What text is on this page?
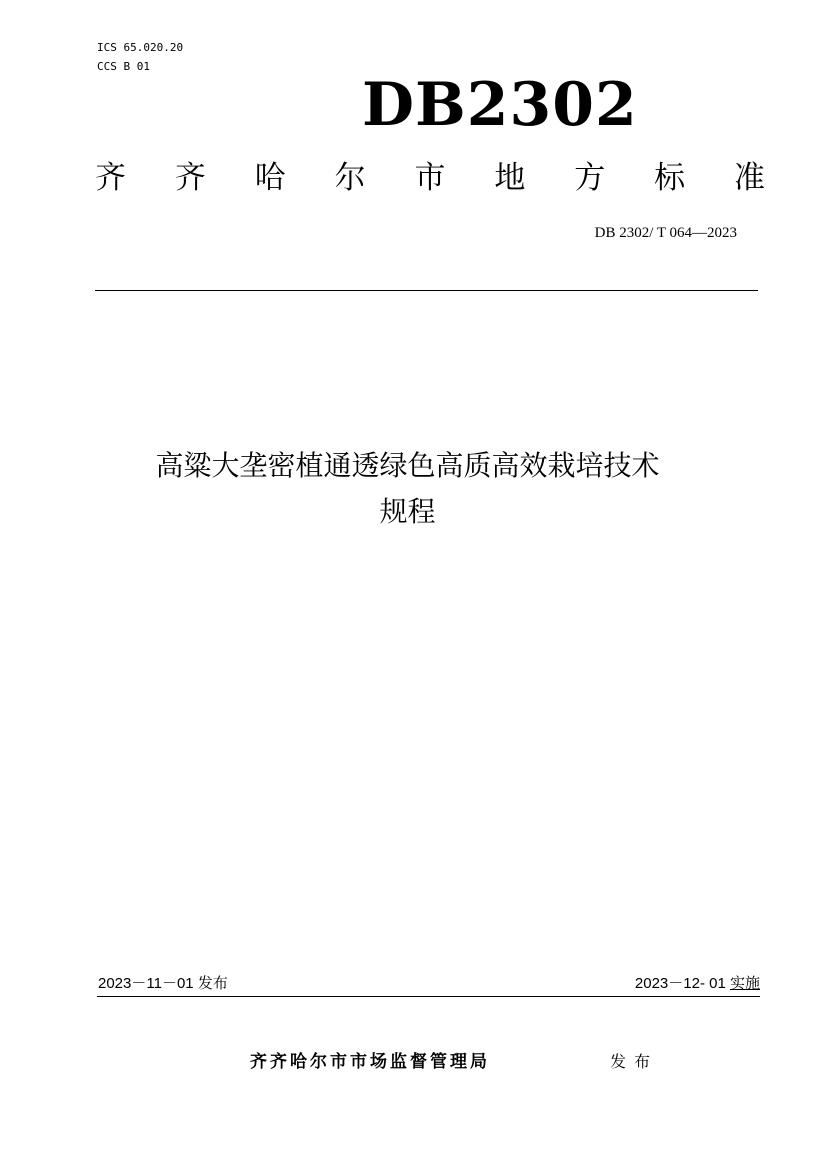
ICS 65.020.20
CCS B 01
DB2302
齐 齐 哈 尔 市 地 方 标 准
DB 2302/ T 064—2023
高粱大垄密植通透绿色高质高效栽培技术
规程
2023－11－01 发布	2023－12- 01 实施
齐齐哈尔市市场监督管理局	发布
